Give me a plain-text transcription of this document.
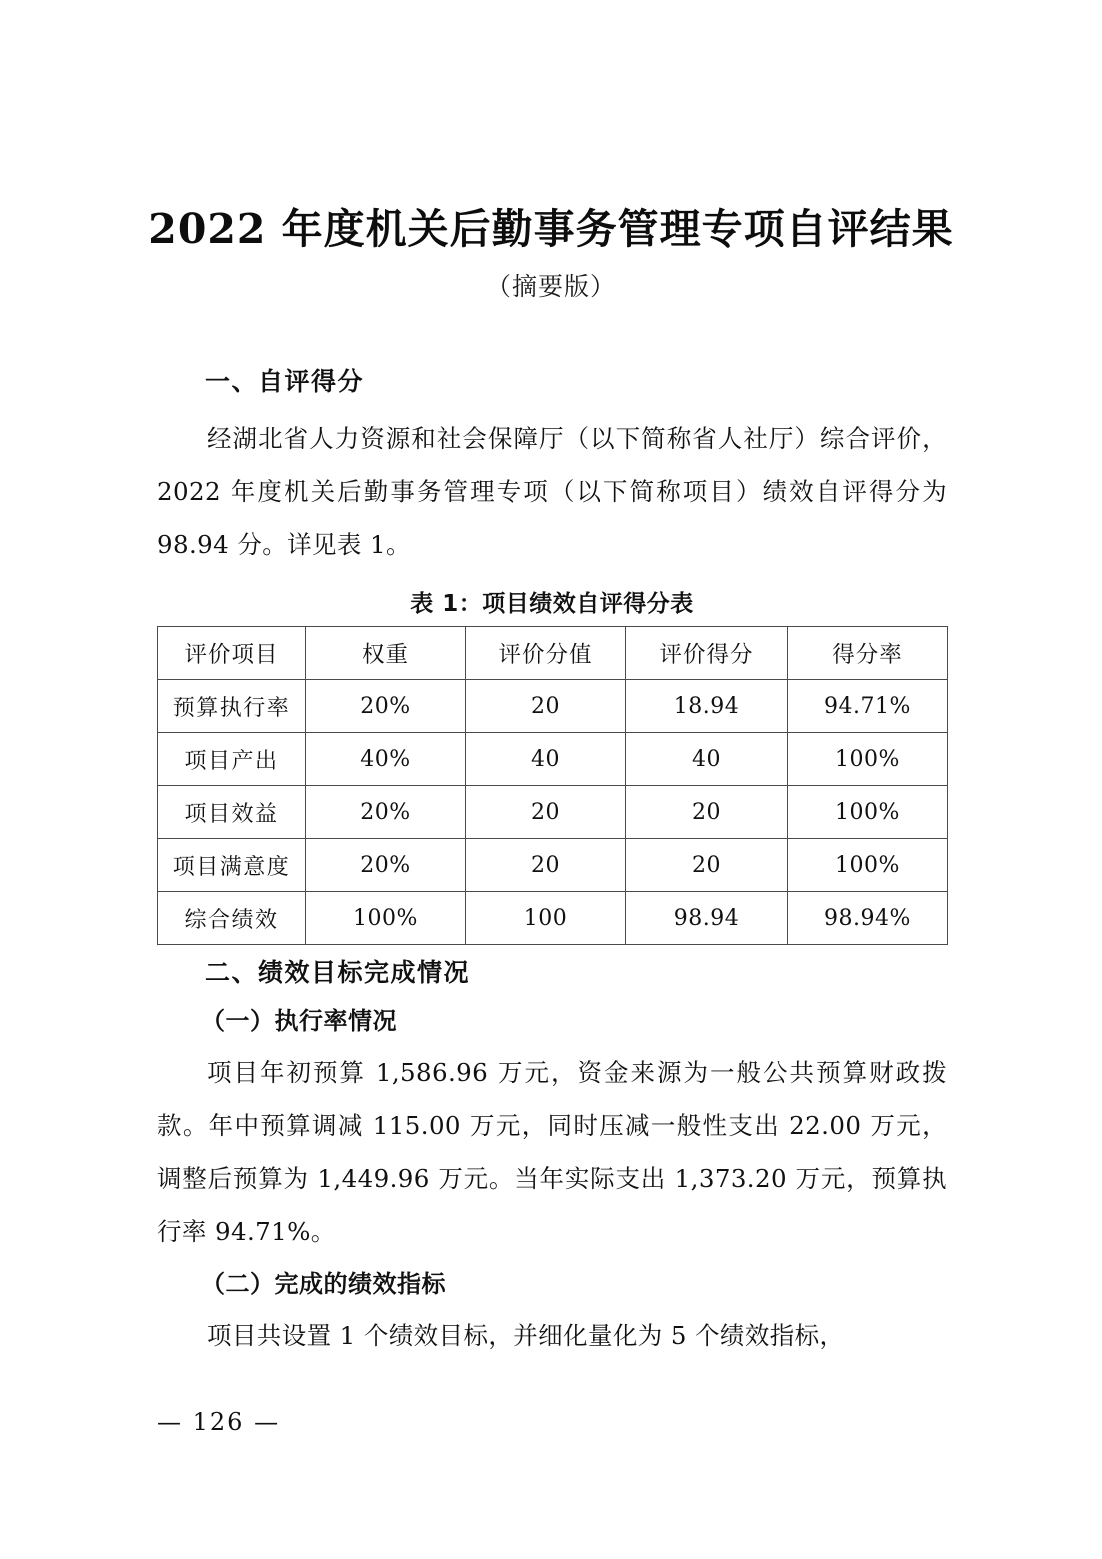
2022 年度机关后勤事务管理专项自评结果
（摘要版）
一、自评得分

经湖北省人力资源和社会保障厅（以下简称省人社厅）综合评价，2022 年度机关后勤事务管理专项（以下简称项目）绩效自评得分为 98.94 分。详见表 1。

表 1：项目绩效自评得分表
评价项目	权重	评价分值	评价得分	得分率
预算执行率	20%	20	18.94	94.71%
项目产出	40%	40	40	100%
项目效益	20%	20	20	100%
项目满意度	20%	20	20	100%
综合绩效	100%	100	98.94	98.94%
二、绩效目标完成情况
（一）执行率情况

项目年初预算 1,586.96 万元，资金来源为一般公共预算财政拨款。年中预算调减 115.00 万元，同时压减一般性支出 22.00 万元，调整后预算为 1,449.96 万元。当年实际支出 1,373.20 万元，预算执行率 94.71%。

（二）完成的绩效指标

项目共设置 1 个绩效目标，并细化量化为 5 个绩效指标，

— 126 —
